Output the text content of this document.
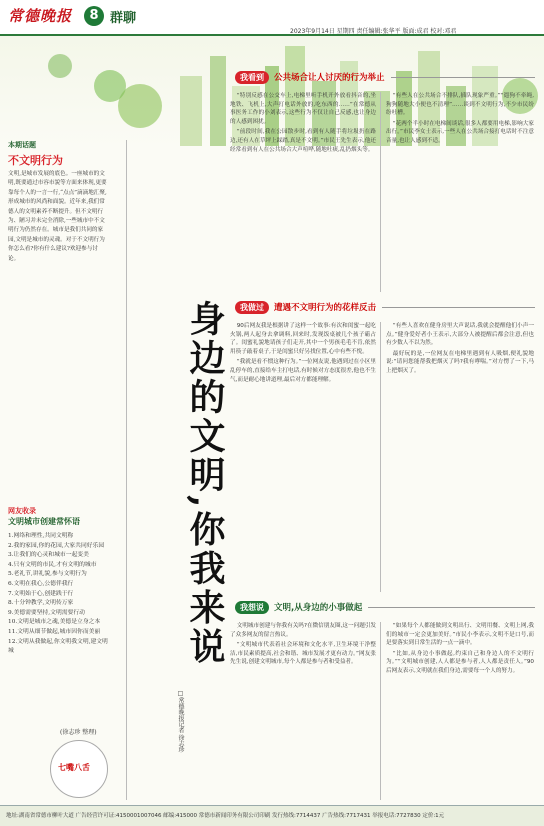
常德晚报	8 群聊
2023年9月14日 星期四 责任编辑:张华平 版面:成君 校对:邓君
本期话题
不文明行为
文明,是城市发展的底色。一座城市的文明,既要通过市容市貌等方面来体现,更要靠每个人的一言一行,“点点”滴滴地汇聚,形成城市的风尚和面貌。近年来,我们常德人的文明素养不断提升。但不文明行为、陋习并未完全消除,一些城市中不文明行为仍然存在。城市是我们共同的家园,文明是城市的灵魂。对于不文明行为你怎么看?你有什么建议?欢迎参与讨论。
网友收录
文明城市创建常怀语
1.网络和理性,共同文明称
2.我的家园,你的花园,大家共同好乐园
3.让我们的心灵和城市一起变美
4.只有文明的市民,才有文明的城市
5.老礼节,讲礼貌,参与文明行为
6.文明在我心,公德伴我行
7.文明始于心,创建践于行
8.十分钟教学,文明传万家
9.美德需要坚持,文明需要行动
10.文明是城市之魂,美德是立身之本
11.文明从细节做起,城市因你而美丽
12.文明从我做起,你文明我文明,建文明城
(徐志珍 整理)
七嘴八舌
身边的文明,你我来说
□常德晚报记者 徐志珍
我看到	公共场合让人讨厌的行为举止

“特别反感在公交车上,电梯里听手机开外放看抖音的,坐地铁、飞机上,大声打电话外放的,吃东西的……”在常德从事医务工作的小刘表示,这些行为不仅让自己反感,也让身边的人感到困扰。

“前段时间,我在公园散步时,看到有人随手将垃圾扔在路边,还有人在草坪上踩踏,真是不文明。”市民王先生表示,他还经常看到有人在公共场合大声喧哗,随地吐痰,乱扔烟头等。

“有些人在公共场合不排队,插队现象严重。”“遛狗不牵绳,狗狗随地大小便也不清理”……谈到不文明行为,不少市民纷纷吐槽。

“花两个半小时在电梯间谈话,很多人都要用电梯,影响大家出行。”市民李女士表示,一些人在公共场合接打电话时不注意音量,也让人感到不适。

我做过	遭遇不文明行为的花样反击

90后网友我是根据讲了这样一个故事:有次和闺蜜一起吃火锅,两人起身去拿调料,回来时,发现饭桌被几个孩子霸占了。闺蜜礼貌地请孩子们走开,其中一个男孩毛毛不肯,依然用筷子敲着桌子,于是闺蜜只好另找位置,心中有些不悦。

“我就是看不惯这种行为。”一位网友说,他遇到过在小区里乱停车的,直接给车主打电话,有时候对方态度很差,他也不生气,而是耐心地讲道理,最后对方都能理解。

“有些人喜欢在健身房里大声说话,我就会提醒他们小声一点。”健身爱好者小王表示,大部分人被提醒后都会注意,但也有少数人不以为然。

最好玩的是,一位网友在电梯里遇到有人吸烟,便礼貌地说:“请问您能帮我把烟灭了吗?我有哮喘。”对方愣了一下,马上把烟灭了。

我想说	文明,从身边的小事做起

文明城市创建与你我有关吗?在微信朋友圈,这一问题引发了众多网友的留言热议。

“文明城市代表着社会环境和文化水平,卫生环境干净整洁,市民素质提高,社会和谐、城市发展才更有动力。”网友张先生说,创建文明城市,每个人都是参与者和受益者。

“如果每个人都能做到文明出行、文明用餐、文明上网,我们的城市一定会更加美好。”市民小李表示,文明不是口号,而是要落实到日常生活的一点一滴中。

“比如,从身边小事做起,约束自己和身边人的不文明行为。”“文明城市创建,人人都是参与者,人人都是责任人。”90后网友表示,文明就在我们身边,需要每一个人的努力。

地址:湖南省常德市柳叶大道 广告经营许可证:4150001007046 邮编:415000 常德市新闻印务有限公司印刷 发行热线:7714437 广告热线:7717431 举报电话:7727830 定价:1元
